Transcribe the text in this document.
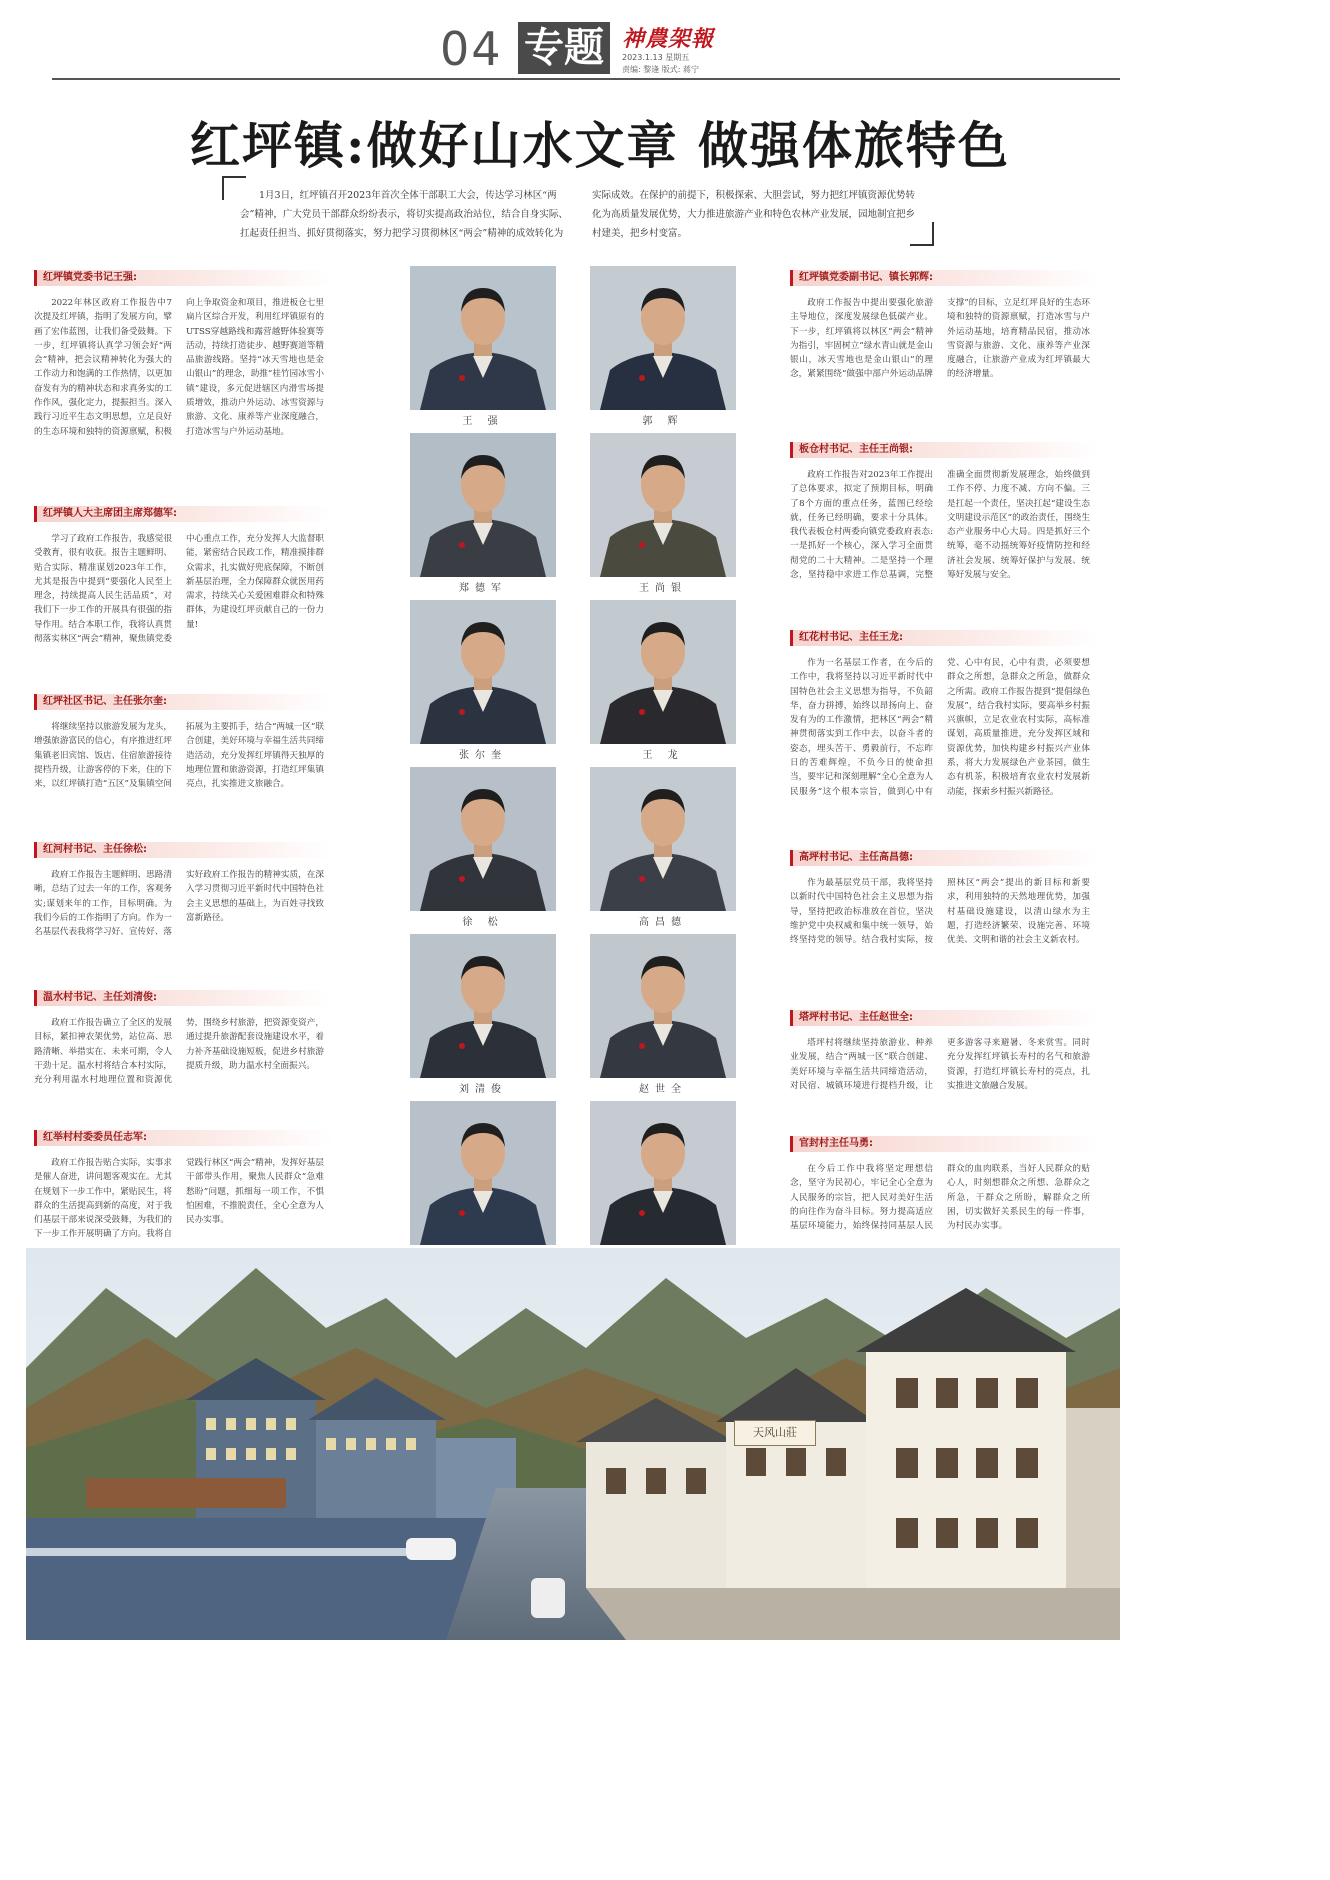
04 专题 神農架報
2023.1.13 星期五
责编: 黎逢 版式: 蒋宁
红坪镇:做好山水文章 做强体旅特色
1月3日，红坪镇召开2023年首次全体干部职工大会，传达学习林区“两会”精神，广大党员干部群众纷纷表示，将切实提高政治站位，结合自身实际、扛起责任担当、抓好贯彻落实，努力把学习贯彻林区“两会”精神的成效转化为实际成效。在保护的前提下，积极探索、大胆尝试，努力把红坪镇资源优势转化为高质量发展优势，大力推进旅游产业和特色农林产业发展，园地制宜把乡村建美，把乡村变富。
红坪镇党委书记王强:
2022年林区政府工作报告中7次提及红坪镇，指明了发展方向，擘画了宏伟蓝图，让我们备受鼓舞。下一步，红坪镇将认真学习领会好“两会”精神，把会议精神转化为强大的工作动力和饱满的工作热情，以更加奋发有为的精神状态和求真务实的工作作风，强化定力，提振担当。深入践行习近平生态文明思想，立足良好的生态环境和独特的资源禀赋，积极向上争取资金和项目，推进板仓七里扁片区综合开发，利用红坪镇原有的UTSS穿越路线和露营越野体验赛等活动，持续打造徒步、越野赛道等精品旅游线路。坚持“冰天雪地也是金山银山”的理念，助推“桂竹园冰雪小镇”建设，多元促进辖区内滑雪场提质增效，推动户外运动、冰雪资源与旅游、文化、康养等产业深度融合，打造冰雪与户外运动基地。
红坪镇人大主席团主席郑德军:
学习了政府工作报告，我感觉很受教育，很有收获。报告主题鲜明、贴合实际、精准谋划2023年工作，尤其是报告中提到“要强化人民至上理念，持续提高人民生活品质”，对我们下一步工作的开展具有很强的指导作用。结合本职工作，我将认真贯彻落实林区“两会”精神，聚焦镇党委中心重点工作，充分发挥人大监督职能，紧密结合民政工作，精准摸排群众需求，扎实做好兜底保障，不断创新基层治理，全力保障群众就医用药需求，持续关心关爱困难群众和特殊群体，为建设红坪贡献自己的一份力量!
红坪社区书记、主任张尔奎:
将继续坚持以旅游发展为龙头，增强旅游富民的信心，有序推进红坪集镇老旧宾馆、饭店、住宿旅游接待提档升级，让游客停的下来，住的下来，以红坪镇打造“五区”及集镇空间拓展为主要抓手，结合“两城一区”联合创建，美好环境与幸福生活共同缔造活动，充分发挥红坪镇得天独厚的地理位置和旅游资源，打造红坪集镇亮点，扎实推进文旅融合。
红河村书记、主任徐松:
政府工作报告主题鲜明、思路清晰，总结了过去一年的工作，客观务实;谋划来年的工作，目标明确。为我们今后的工作指明了方向。作为一名基层代表我将学习好、宣传好、落实好政府工作报告的精神实质，在深入学习贯彻习近平新时代中国特色社会主义思想的基础上，为百姓寻找致富新路径。
温水村书记、主任刘清俊:
政府工作报告确立了全区的发展目标，紧扣神农架优势，站位高、思路清晰、举措实在、未来可期，令人干劲十足。温水村将结合本村实际，充分利用温水村地理位置和资源优势，围绕乡村旅游，把资源变资产，通过提升旅游配套设施建设水平，着力补齐基础设施短板，促进乡村旅游提质升级，助力温水村全面振兴。
红举村村委委员任志军:
政府工作报告贴合实际，实事求是催人奋进，讲问题客观实在。尤其在规划下一步工作中，紧贴民生，将群众的生活提高到新的高度，对于我们基层干部来说深受鼓舞，为我们的下一步工作开展明确了方向。我将自觉践行林区“两会”精神，发挥好基层干部带头作用，聚焦人民群众“急难愁盼”问题，抓细每一项工作，不惧怕困难，不推脱责任，全心全意为人民办实事。
红坪镇党委副书记、镇长郭辉:
政府工作报告中提出要强化旅游主导地位，深度发展绿色低碳产业。下一步，红坪镇将以林区“两会”精神为指引，牢固树立“绿水青山就是金山银山，冰天雪地也是金山银山”的理念，紧紧围绕“做强中部户外运动品牌支撑”的目标，立足红坪良好的生态环境和独特的资源禀赋，打造冰雪与户外运动基地，培育精品民宿，推动冰雪资源与旅游、文化、康养等产业深度融合，让旅游产业成为红坪镇最大的经济增量。
板仓村书记、主任王尚银:
政府工作报告对2023年工作提出了总体要求，拟定了预期目标，明确了8个方面的重点任务，蓝图已经绘就，任务已经明确，要求十分具体。我代表板仓村两委向镇党委政府表态:一是抓好一个核心，深入学习全面贯彻党的二十大精神。二是坚持一个理念，坚持稳中求进工作总基调，完整准确全面贯彻新发展理念，始终做到工作不停、力度不减、方向不偏。三是扛起一个责任，坚决扛起“建设生态文明建设示范区”的政治责任，围绕生态产业服务中心大局。四是抓好三个统筹，毫不动摇统筹好疫情防控和经济社会发展、统筹好保护与发展、统筹好发展与安全。
红花村书记、主任王龙:
作为一名基层工作者，在今后的工作中，我将坚持以习近平新时代中国特色社会主义思想为指导，不负韶华，奋力拼搏，始终以昂扬向上、奋发有为的工作激情，把林区“两会”精神贯彻落实到工作中去，以奋斗者的姿态，埋头苦干、勇毅前行，不忘昨日的苦难辉煌，不负今日的使命担当，要牢记和深刻理解“全心全意为人民服务”这个根本宗旨，做到心中有党、心中有民，心中有责，必须要想群众之所想，急群众之所急，做群众之所需。政府工作报告提到“提倡绿色发展”，结合我村实际，要高举乡村振兴旗帜，立足农业农村实际，高标准谋划，高质量推进，充分发挥区域和资源优势，加快构建乡村振兴产业体系，将大力发展绿色产业茶园，做生态有机茶，积极培育农业农村发展新动能，探索乡村振兴新路径。
高坪村书记、主任高昌德:
作为最基层党员干部，我将坚持以新时代中国特色社会主义思想为指导，坚持把政治标准放在首位，坚决维护党中央权威和集中统一领导，始终坚持党的领导。结合我村实际，按照林区“两会”提出的新目标和新要求，利用独特的天然地理优势，加强村基础设施建设，以清山绿水为主题，打造经济繁荣、设施完善、环境优美、文明和谐的社会主义新农村。
塔坪村书记、主任赵世全:
塔坪村将继续坚持旅游业、种养业发展，结合“两城一区”联合创建、美好环境与幸福生活共同缔造活动，对民宿、城镇环境进行提档升级，让更多游客寻来避暑、冬来赏雪。同时充分发挥红坪镇长寿村的名气和旅游资源，打造红坪镇长寿村的亮点，扎实推进文旅融合发展。
官封村主任马勇:
在今后工作中我将坚定理想信念，坚守为民初心，牢记全心全意为人民服务的宗旨，把人民对美好生活的向往作为奋斗目标。努力提高适应基层环境能力，始终保持同基层人民群众的血肉联系，当好人民群众的贴心人，时刻想群众之所想、急群众之所急，干群众之所盼，解群众之所困，切实做好关系民生的每一件事，为村民办实事。
王 强	郭 辉
郑德军	王尚银
张尔奎	王 龙
徐 松	高昌德
刘清俊	赵世全
天风山莊
